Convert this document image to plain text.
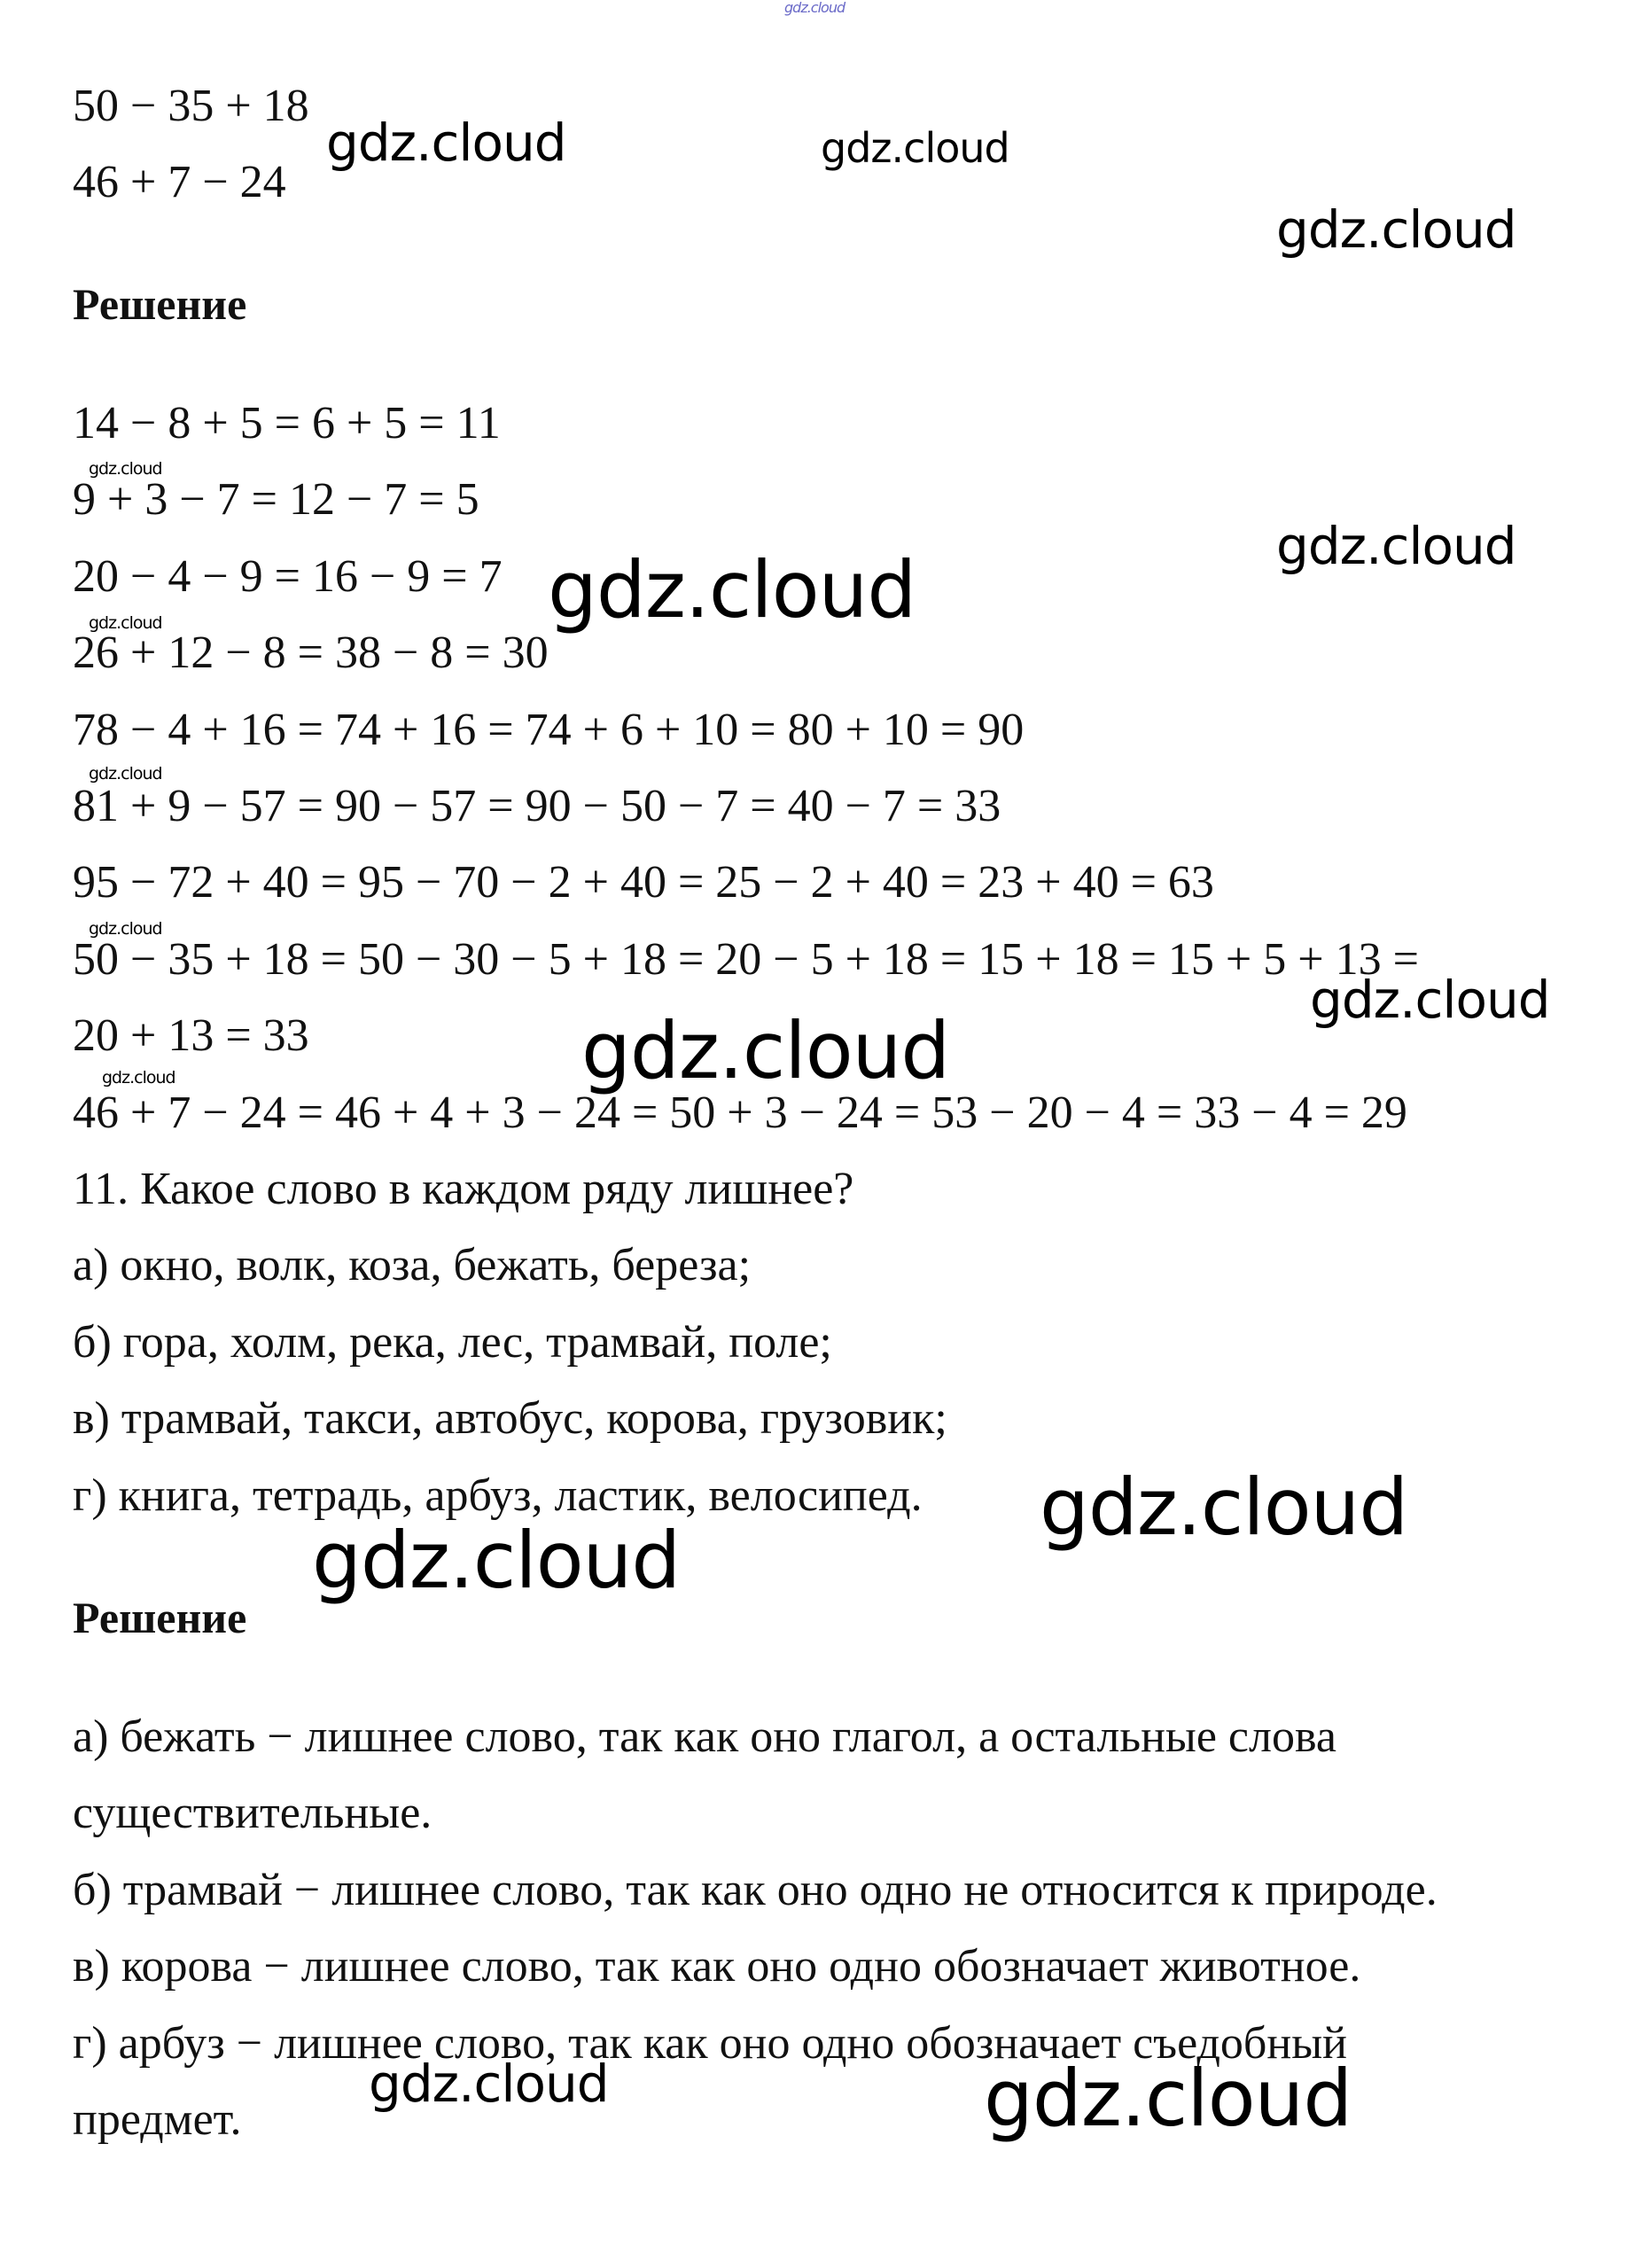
gdz.cloud
50 − 35 + 18
46 + 7 − 24
Решение
14 − 8 + 5 = 6 + 5 = 11
9 + 3 − 7 = 12 − 7 = 5
20 − 4 − 9 = 16 − 9 = 7
26 + 12 − 8 = 38 − 8 = 30
78 − 4 + 16 = 74 + 16 = 74 + 6 + 10 = 80 + 10 = 90
81 + 9 − 57 = 90 − 57 = 90 − 50 − 7 = 40 − 7 = 33
95 − 72 + 40 = 95 − 70 − 2 + 40 = 25 − 2 + 40 = 23 + 40 = 63
50 − 35 + 18 = 50 − 30 − 5 + 18 = 20 − 5 + 18 = 15 + 18 = 15 + 5 + 13 =
20 + 13 = 33
46 + 7 − 24 = 46 + 4 + 3 − 24 = 50 + 3 − 24 = 53 − 20 − 4 = 33 − 4 = 29
11. Какое слово в каждом ряду лишнее?
а) окно, волк, коза, бежать, береза;
б) гора, холм, река, лес, трамвай, поле;
в) трамвай, такси, автобус, корова, грузовик;
г) книга, тетрадь, арбуз, ластик, велосипед.
Решение
а) бежать − лишнее слово, так как оно глагол, а остальные слова
существительные.
б) трамвай − лишнее слово, так как оно одно не относится к природе.
в) корова − лишнее слово, так как оно одно обозначает животное.
г) арбуз − лишнее слово, так как оно одно обозначает съедобный
предмет.
gdz.cloud	gdz.cloud
gdz.cloud
gdz.cloud
gdz.cloud
gdz.cloud
gdz.cloud
gdz.cloud
gdz.cloud
gdz.cloud
gdz.cloud
gdz.cloud
gdz.cloud
gdz.cloud
gdz.cloud	gdz.cloud
